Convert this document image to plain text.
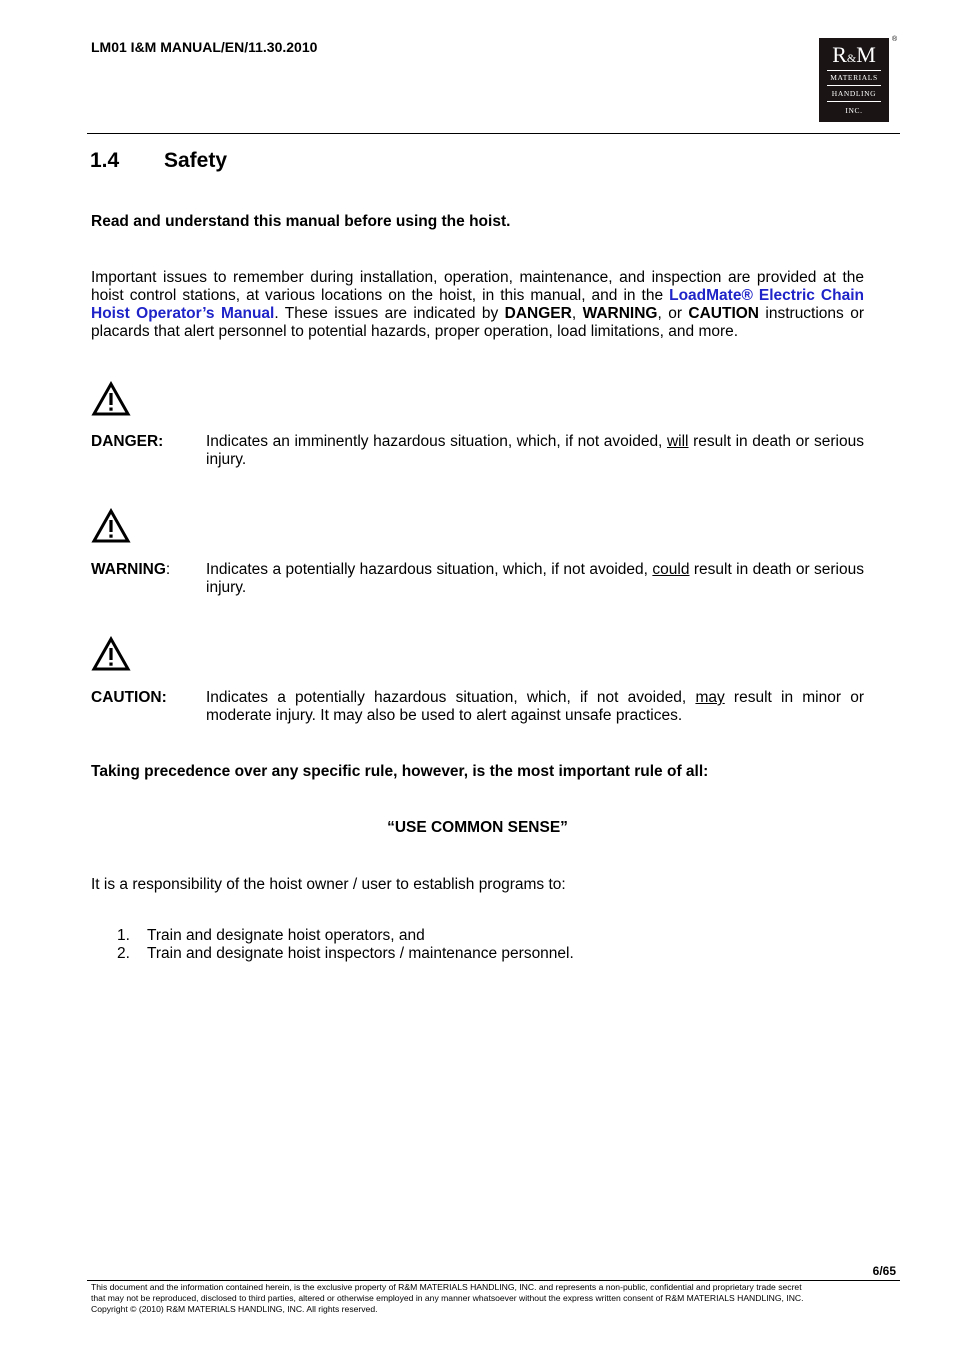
LM01 I&M MANUAL/EN/11.30.2010	R&M
MATERIALS
HANDLING
INC.
®
1.4 Safety
Read and understand this manual before using the hoist.
Important issues to remember during installation, operation, maintenance, and inspection are provided at the hoist control stations, at various locations on the hoist, in this manual, and in the LoadMate® Electric Chain Hoist Operator’s Manual. These issues are indicated by DANGER, WARNING, or CAUTION instructions or placards that alert personnel to potential hazards, proper operation, load limitations, and more.
DANGER:	Indicates an imminently hazardous situation, which, if not avoided, will result in death or serious injury.
WARNING: Indicates a potentially hazardous situation, which, if not avoided, could result in death or serious injury.
CAUTION:	Indicates a potentially hazardous situation, which, if not avoided, may result in minor or moderate injury. It may also be used to alert against unsafe practices.
Taking precedence over any specific rule, however, is the most important rule of all:
“USE COMMON SENSE”
It is a responsibility of the hoist owner / user to establish programs to:
1. Train and designate hoist operators, and
2. Train and designate hoist inspectors / maintenance personnel.
6/65
This document and the information contained herein, is the exclusive property of R&M MATERIALS HANDLING, INC. and represents a non-public, confidential and proprietary trade secret
that may not be reproduced, disclosed to third parties, altered or otherwise employed in any manner whatsoever without the express written consent of R&M MATERIALS HANDLING, INC.
Copyright © (2010) R&M MATERIALS HANDLING, INC. All rights reserved.
